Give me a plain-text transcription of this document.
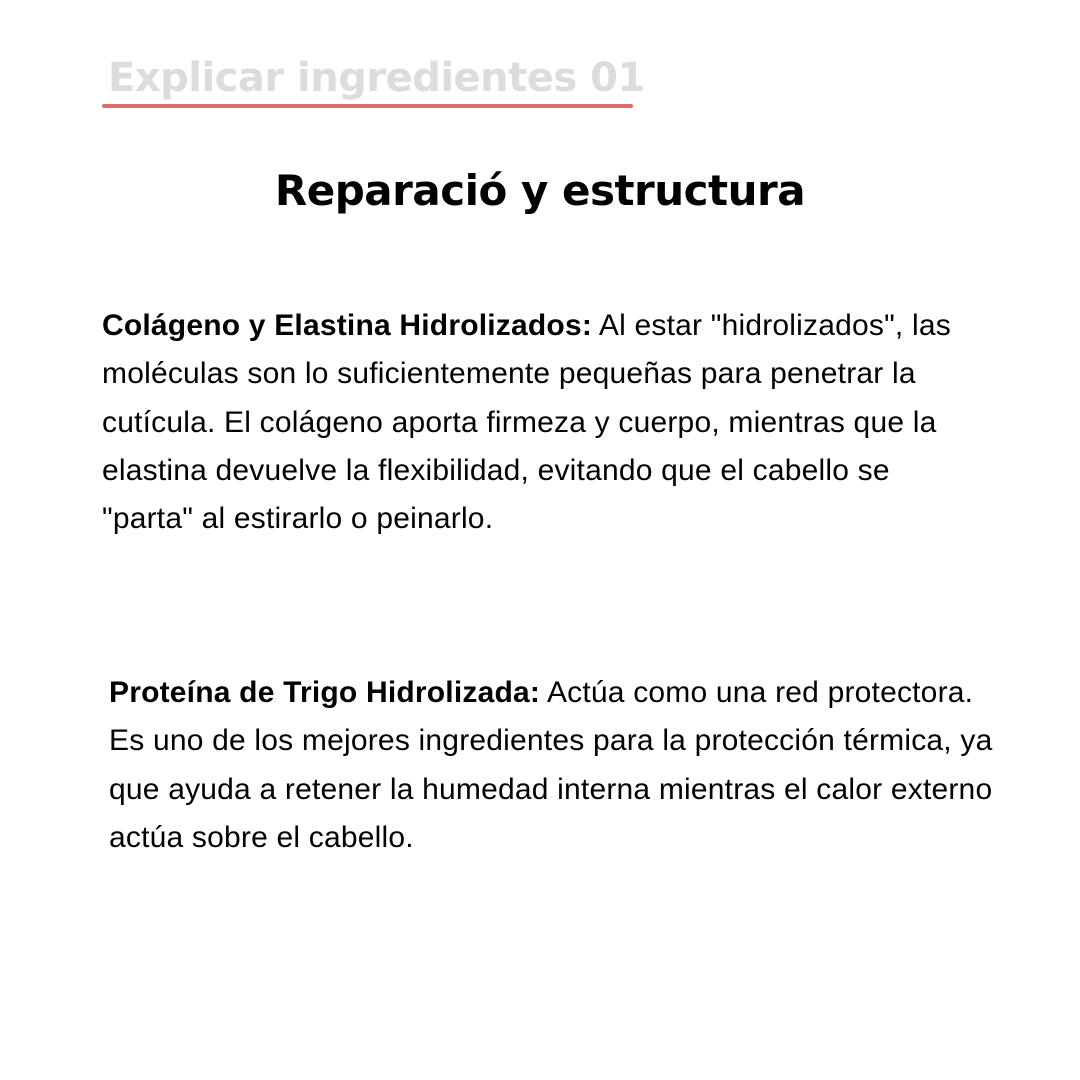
Explicar ingredientes 01
Reparació y estructura

Colágeno y Elastina Hidrolizados: Al estar "hidrolizados", las moléculas son lo suficientemente pequeñas para penetrar la cutícula. El colágeno aporta firmeza y cuerpo, mientras que la elastina devuelve la flexibilidad, evitando que el cabello se "parta" al estirarlo o peinarlo.

Proteína de Trigo Hidrolizada: Actúa como una red protectora. Es uno de los mejores ingredientes para la protección térmica, ya que ayuda a retener la humedad interna mientras el calor externo actúa sobre el cabello.
